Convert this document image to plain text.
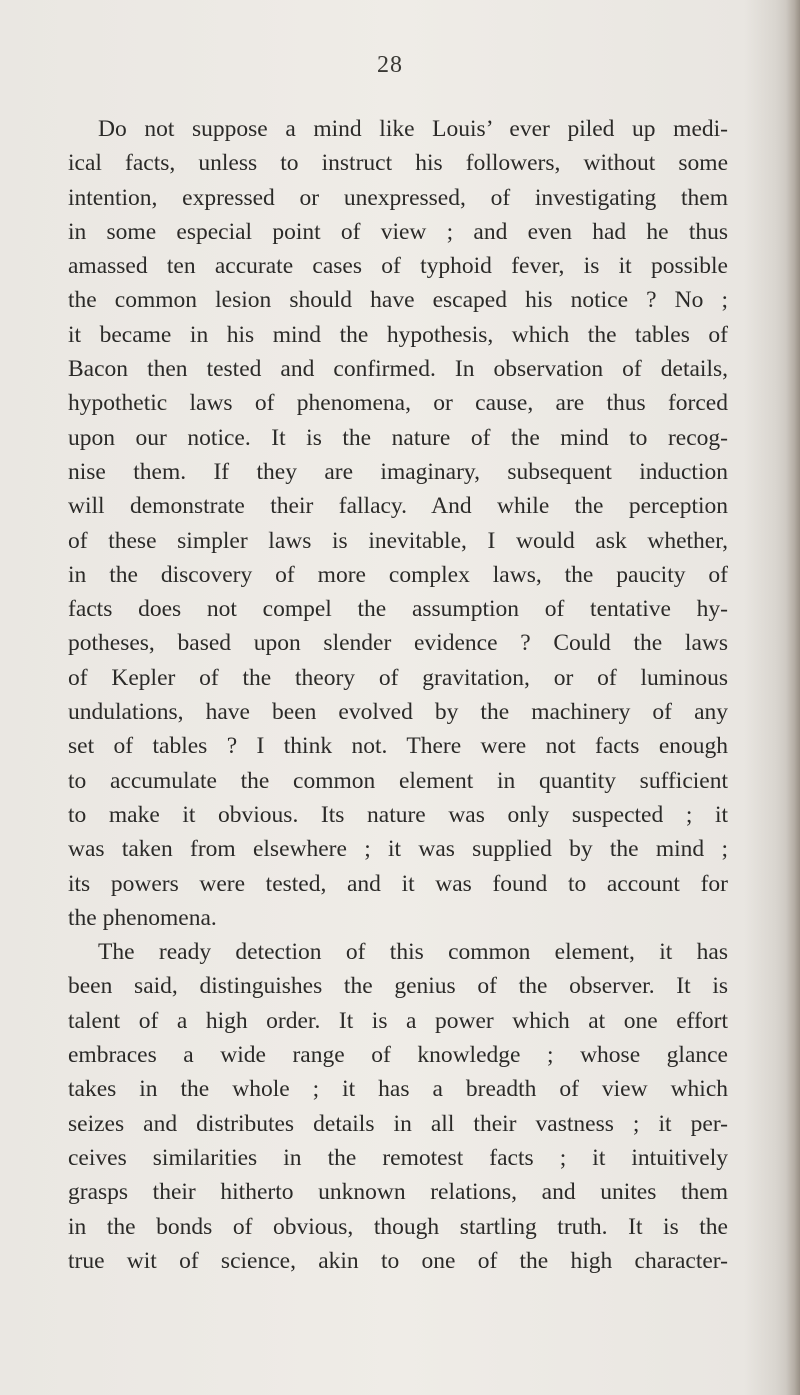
28
Do not suppose a mind like Louis’ ever piled up medi-
ical facts, unless to instruct his followers, without some
intention, expressed or unexpressed, of investigating them
in some especial point of view ; and even had he thus
amassed ten accurate cases of typhoid fever, is it possible
the common lesion should have escaped his notice ? No ;
it became in his mind the hypothesis, which the tables of
Bacon then tested and confirmed. In observation of details,
hypothetic laws of phenomena, or cause, are thus forced
upon our notice. It is the nature of the mind to recog-
nise them. If they are imaginary, subsequent induction
will demonstrate their fallacy. And while the perception
of these simpler laws is inevitable, I would ask whether,
in the discovery of more complex laws, the paucity of
facts does not compel the assumption of tentative hy-
potheses, based upon slender evidence ? Could the laws
of Kepler of the theory of gravitation, or of luminous
undulations, have been evolved by the machinery of any
set of tables ? I think not. There were not facts enough
to accumulate the common element in quantity sufficient
to make it obvious. Its nature was only suspected ; it
was taken from elsewhere ; it was supplied by the mind ;
its powers were tested, and it was found to account for
the phenomena.
The ready detection of this common element, it has
been said, distinguishes the genius of the observer. It is
talent of a high order. It is a power which at one effort
embraces a wide range of knowledge ; whose glance
takes in the whole ; it has a breadth of view which
seizes and distributes details in all their vastness ; it per-
ceives similarities in the remotest facts ; it intuitively
grasps their hitherto unknown relations, and unites them
in the bonds of obvious, though startling truth. It is the
true wit of science, akin to one of the high character-
